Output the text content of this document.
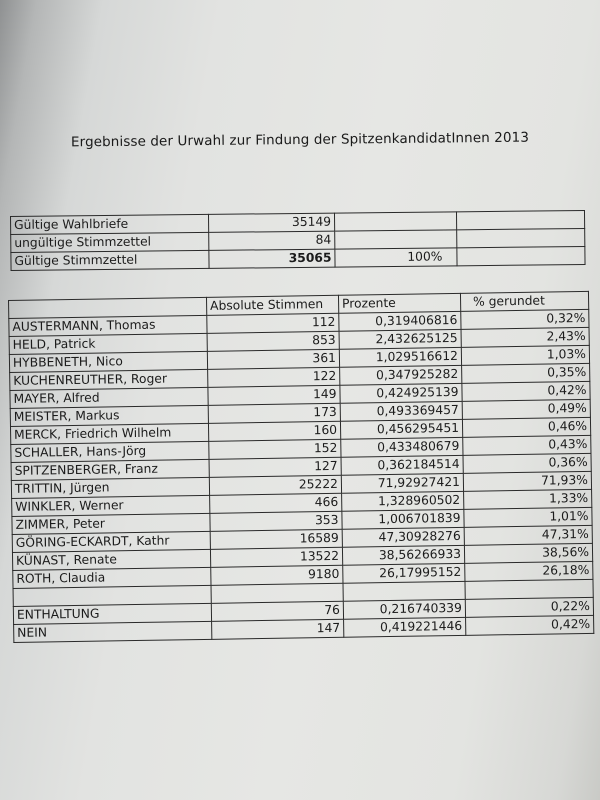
Ergebnisse der Urwahl zur Findung der SpitzenkandidatInnen 2013
Gültige Wahlbriefe	35149		
ungültige Stimmzettel	84		
Gültige Stimmzettel	35065	100%	
	Absolute Stimmen	Prozente	% gerundet
AUSTERMANN, Thomas	112	0,319406816	0,32%
HELD, Patrick	853	2,432625125	2,43%
HYBBENETH, Nico	361	1,029516612	1,03%
KUCHENREUTHER, Roger	122	0,347925282	0,35%
MAYER, Alfred	149	0,424925139	0,42%
MEISTER, Markus	173	0,493369457	0,49%
MERCK, Friedrich Wilhelm	160	0,456295451	0,46%
SCHALLER, Hans-Jörg	152	0,433480679	0,43%
SPITZENBERGER, Franz	127	0,362184514	0,36%
TRITTIN, Jürgen	25222	71,92927421	71,93%
WINKLER, Werner	466	1,328960502	1,33%
ZIMMER, Peter	353	1,006701839	1,01%
GÖRING-ECKARDT, Kathr	16589	47,30928276	47,31%
KÜNAST, Renate	13522	38,56266933	38,56%
ROTH, Claudia	9180	26,17995152	26,18%

ENTHALTUNG	76	0,216740339	0,22%
NEIN	147	0,419221446	0,42%
